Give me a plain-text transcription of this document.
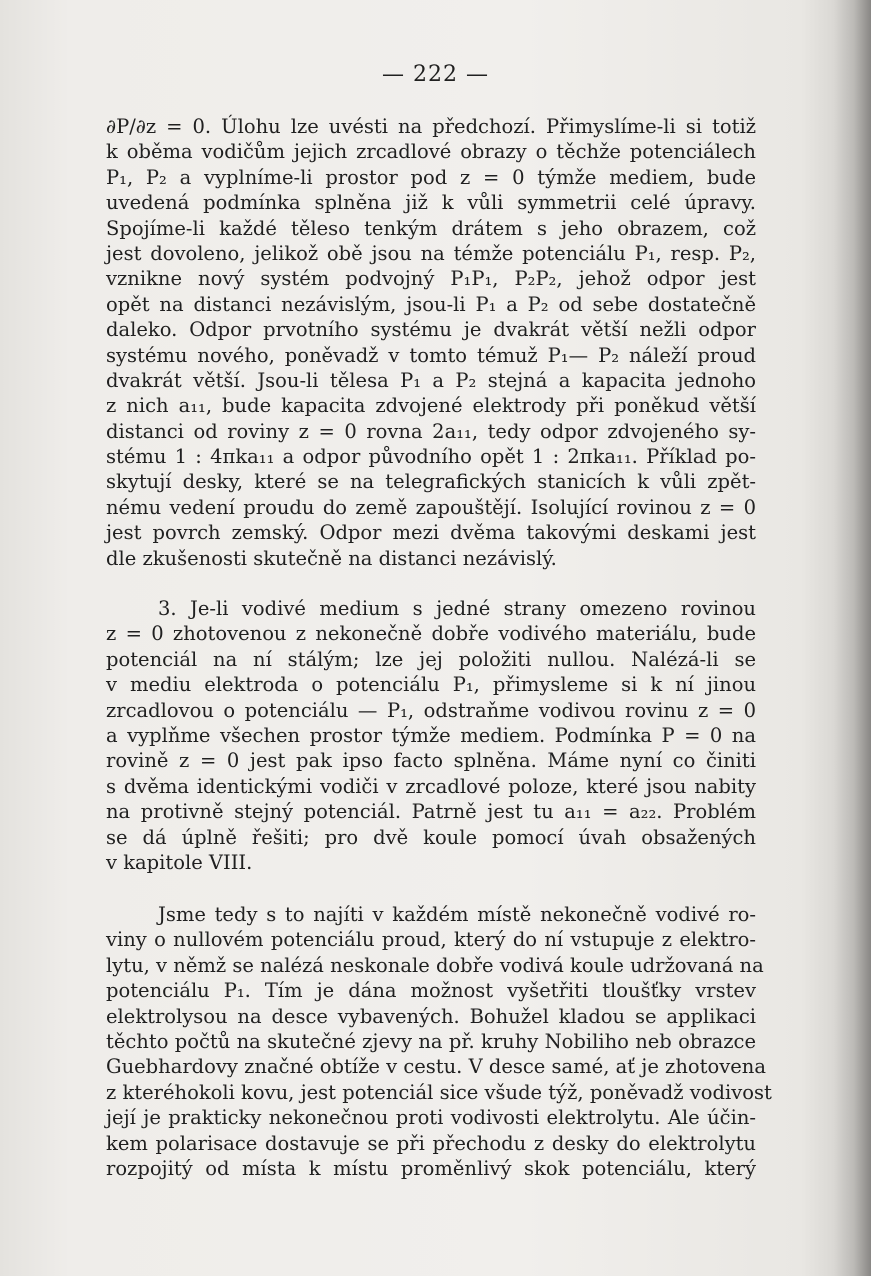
— 222 —
∂P/∂z = 0. Úlohu lze uvésti na předchozí. Přimyslíme-li si totiž
k oběma vodičům jejich zrcadlové obrazy o těchže potenciálech
P₁, P₂ a vyplníme-li prostor pod z = 0 týmže mediem, bude
uvedená podmínka splněna již k vůli symmetrii celé úpravy.
Spojíme-li každé těleso tenkým drátem s jeho obrazem, což
jest dovoleno, jelikož obě jsou na témže potenciálu P₁, resp. P₂,
vznikne nový systém podvojný P₁P₁, P₂P₂, jehož odpor jest
opět na distanci nezávislým, jsou-li P₁ a P₂ od sebe dostatečně
daleko. Odpor prvotního systému je dvakrát větší nežli odpor
systému nového, poněvadž v tomto témuž P₁— P₂ náleží proud
dvakrát větší. Jsou-li tělesa P₁ a P₂ stejná a kapacita jednoho
z nich a₁₁, bude kapacita zdvojené elektrody při poněkud větší
distanci od roviny z = 0 rovna 2a₁₁, tedy odpor zdvojeného sy-
stému 1 : 4πka₁₁ a odpor původního opět 1 : 2πka₁₁. Příklad po-
skytují desky, které se na telegrafických stanicích k vůli zpět-
nému vedení proudu do země zapouštějí. Isolující rovinou z = 0
jest povrch zemský. Odpor mezi dvěma takovými deskami jest
dle zkušenosti skutečně na distanci nezávislý.
3. Je-li vodivé medium s jedné strany omezeno rovinou
z = 0 zhotovenou z nekonečně dobře vodivého materiálu, bude
potenciál na ní stálým; lze jej položiti nullou. Nalézá-li se
v mediu elektroda o potenciálu P₁, přimysleme si k ní jinou
zrcadlovou o potenciálu — P₁, odstraňme vodivou rovinu z = 0
a vyplňme všechen prostor týmže mediem. Podmínka P = 0 na
rovině z = 0 jest pak ipso facto splněna. Máme nyní co činiti
s dvěma identickými vodiči v zrcadlové poloze, které jsou nabity
na protivně stejný potenciál. Patrně jest tu a₁₁ = a₂₂. Problém
se dá úplně řešiti; pro dvě koule pomocí úvah obsažených
v kapitole VIII.
Jsme tedy s to najíti v každém místě nekonečně vodivé ro-
viny o nullovém potenciálu proud, který do ní vstupuje z elektro-
lytu, v němž se nalézá neskonale dobře vodivá koule udržovaná na
potenciálu P₁. Tím je dána možnost vyšetřiti tloušťky vrstev
elektrolysou na desce vybavených. Bohužel kladou se applikaci
těchto počtů na skutečné zjevy na př. kruhy Nobiliho neb obrazce
Guebhardovy značné obtíže v cestu. V desce samé, ať je zhotovena
z kteréhokoli kovu, jest potenciál sice všude týž, poněvadž vodivost
její je prakticky nekonečnou proti vodivosti elektrolytu. Ale účin-
kem polarisace dostavuje se při přechodu z desky do elektrolytu
rozpojitý od místa k místu proměnlivý skok potenciálu, který
